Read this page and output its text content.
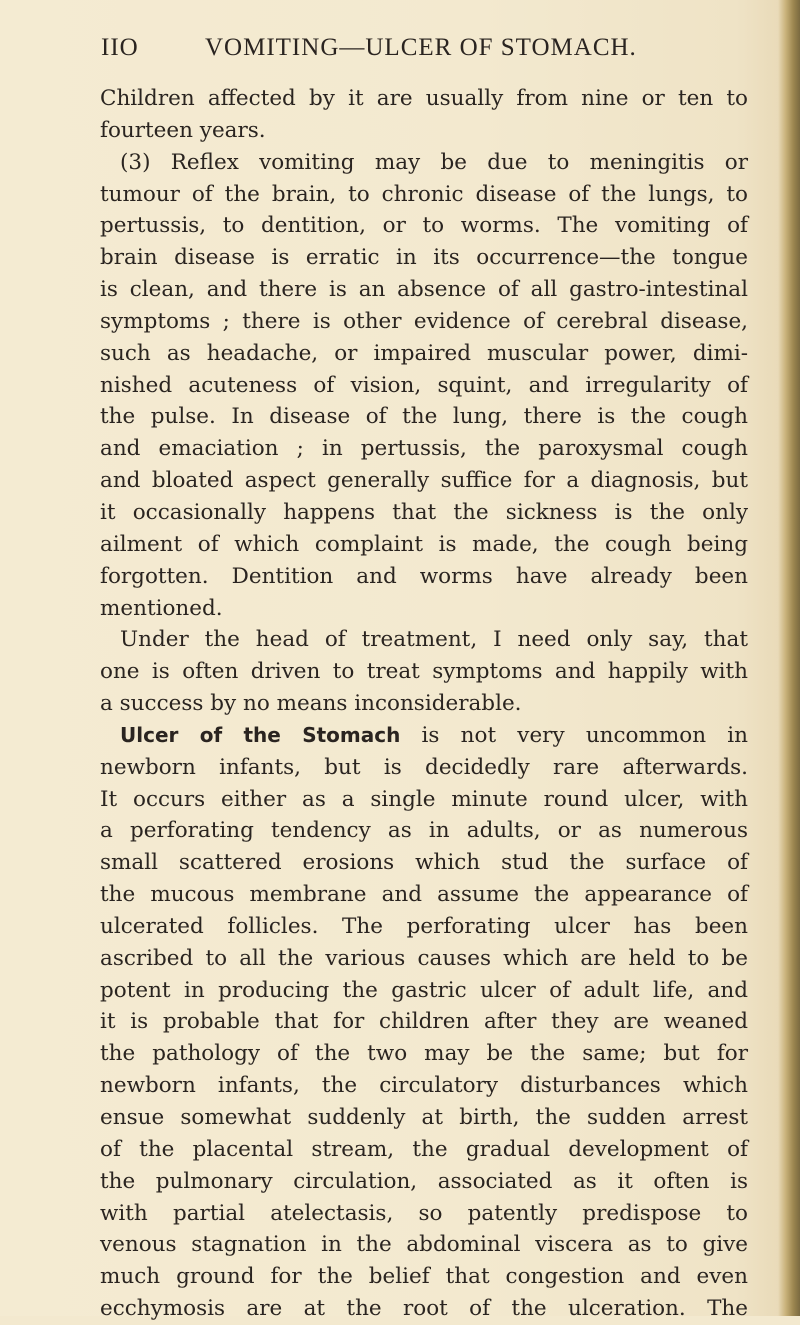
IIO	VOMITING—ULCER OF STOMACH.
Children affected by it are usually from nine or ten to
fourteen years.
(3) Reflex vomiting may be due to meningitis or
tumour of the brain, to chronic disease of the lungs, to
pertussis, to dentition, or to worms. The vomiting of
brain disease is erratic in its occurrence—the tongue
is clean, and there is an absence of all gastro-intestinal
symptoms ; there is other evidence of cerebral disease,
such as headache, or impaired muscular power, dimi-
nished acuteness of vision, squint, and irregularity of
the pulse. In disease of the lung, there is the cough
and emaciation ; in pertussis, the paroxysmal cough
and bloated aspect generally suffice for a diagnosis, but
it occasionally happens that the sickness is the only
ailment of which complaint is made, the cough being
forgotten. Dentition and worms have already been
mentioned.
Under the head of treatment, I need only say, that
one is often driven to treat symptoms and happily with
a success by no means inconsiderable.
Ulcer of the Stomach is not very uncommon in
newborn infants, but is decidedly rare afterwards.
It occurs either as a single minute round ulcer, with
a perforating tendency as in adults, or as numerous
small scattered erosions which stud the surface of
the mucous membrane and assume the appearance of
ulcerated follicles. The perforating ulcer has been
ascribed to all the various causes which are held to be
potent in producing the gastric ulcer of adult life, and
it is probable that for children after they are weaned
the pathology of the two may be the same; but for
newborn infants, the circulatory disturbances which
ensue somewhat suddenly at birth, the sudden arrest
of the placental stream, the gradual development of
the pulmonary circulation, associated as it often is
with partial atelectasis, so patently predispose to
venous stagnation in the abdominal viscera as to give
much ground for the belief that congestion and even
ecchymosis are at the root of the ulceration. The
